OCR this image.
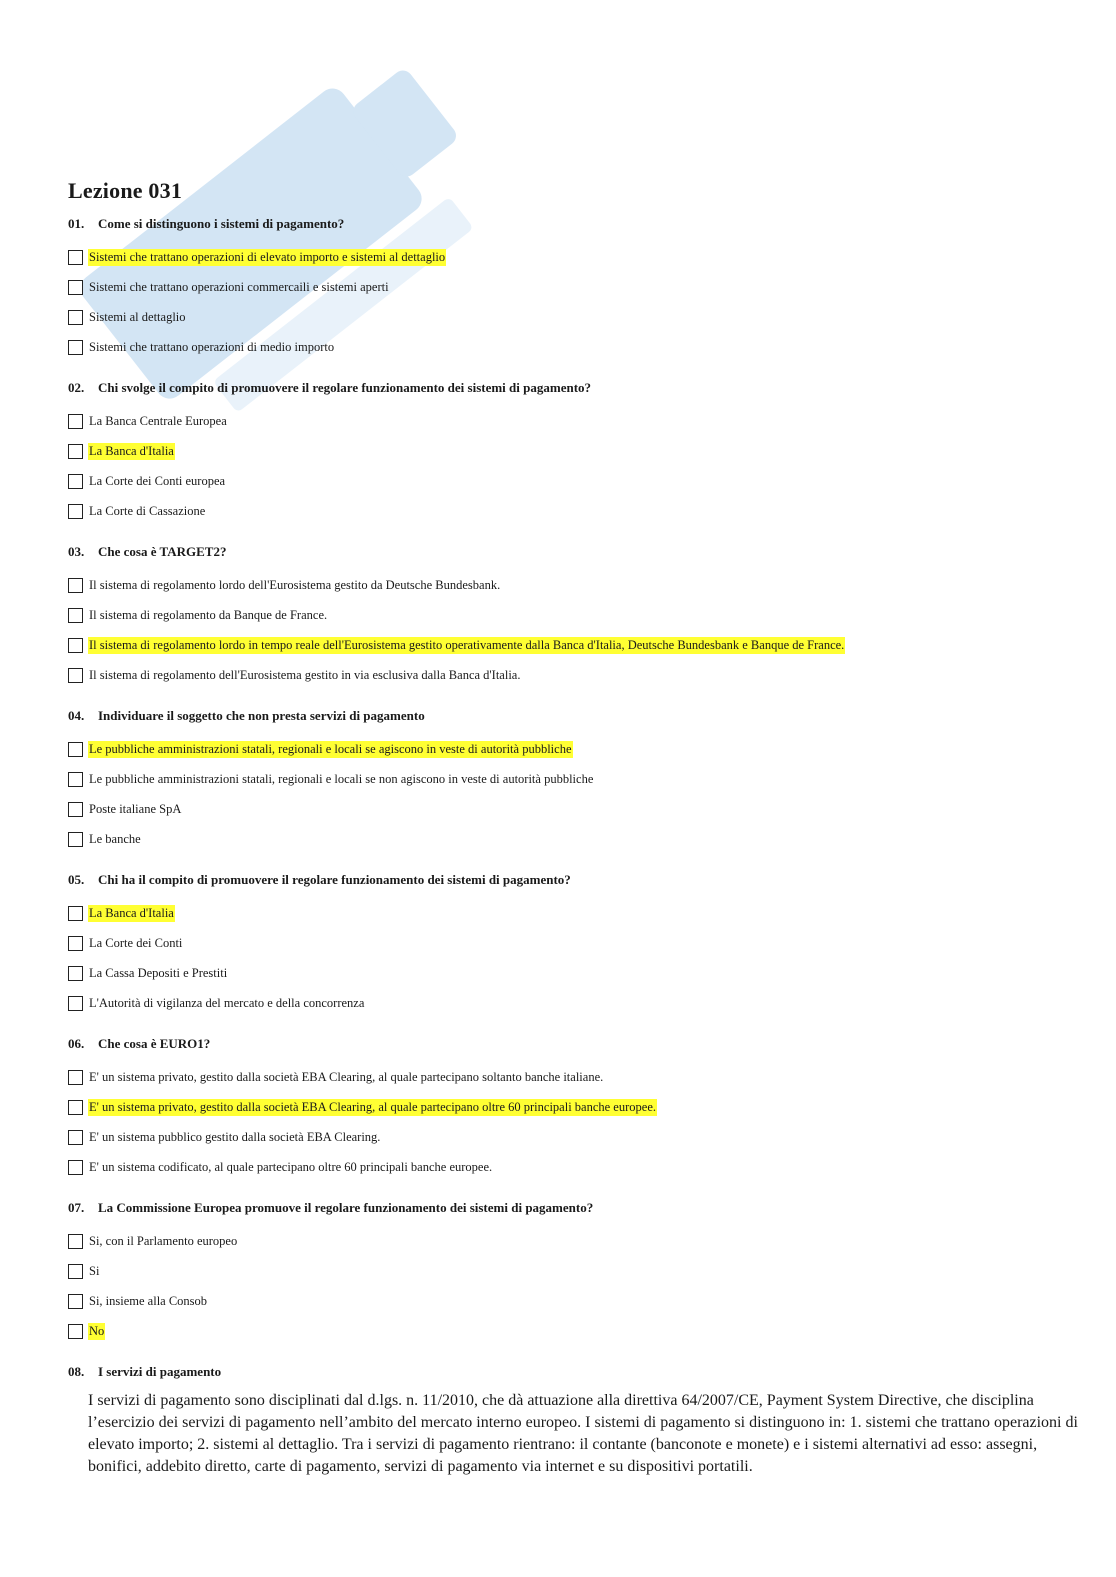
Lezione 031
01. Come si distinguono i sistemi di pagamento?
Sistemi che trattano operazioni di elevato importo e sistemi al dettaglio
Sistemi che trattano operazioni commercaili e sistemi aperti
Sistemi al dettaglio
Sistemi che trattano operazioni di medio importo
02. Chi svolge il compito di promuovere il regolare funzionamento dei sistemi di pagamento?
La Banca Centrale Europea
La Banca d'Italia
La Corte dei Conti europea
La Corte di Cassazione
03. Che cosa è TARGET2?
Il sistema di regolamento lordo dell'Eurosistema gestito da Deutsche Bundesbank.
Il sistema di regolamento da Banque de France.
Il sistema di regolamento lordo in tempo reale dell'Eurosistema gestito operativamente dalla Banca d'Italia, Deutsche Bundesbank e Banque de France.
Il sistema di regolamento dell'Eurosistema gestito in via esclusiva dalla Banca d'Italia.
04. Individuare il soggetto che non presta servizi di pagamento
Le pubbliche amministrazioni statali, regionali e locali se agiscono in veste di autorità pubbliche
Le pubbliche amministrazioni statali, regionali e locali se non agiscono in veste di autorità pubbliche
Poste italiane SpA
Le banche
05. Chi ha il compito di promuovere il regolare funzionamento dei sistemi di pagamento?
La Banca d'Italia
La Corte dei Conti
La Cassa Depositi e Prestiti
L'Autorità di vigilanza del mercato e della concorrenza
06. Che cosa è EURO1?
E' un sistema privato, gestito dalla società EBA Clearing, al quale partecipano soltanto banche italiane.
E' un sistema privato, gestito dalla società EBA Clearing, al quale partecipano oltre 60 principali banche europee.
E' un sistema pubblico gestito dalla società EBA Clearing.
E' un sistema codificato, al quale partecipano oltre 60 principali banche europee.
07. La Commissione Europea promuove il regolare funzionamento dei sistemi di pagamento?
Si, con il Parlamento europeo
Si
Si, insieme alla Consob
No
08. I servizi di pagamento

I servizi di pagamento sono disciplinati dal d.lgs. n. 11/2010, che dà attuazione alla direttiva 64/2007/CE, Payment System Directive, che disciplina l’esercizio dei servizi di pagamento nell’ambito del mercato interno europeo. I sistemi di pagamento si distinguono in: 1. sistemi che trattano operazioni di elevato importo; 2. sistemi al dettaglio. Tra i servizi di pagamento rientrano: il contante (banconote e monete) e i sistemi alternativi ad esso: assegni, bonifici, addebito diretto, carte di pagamento, servizi di pagamento via internet e su dispositivi portatili.
